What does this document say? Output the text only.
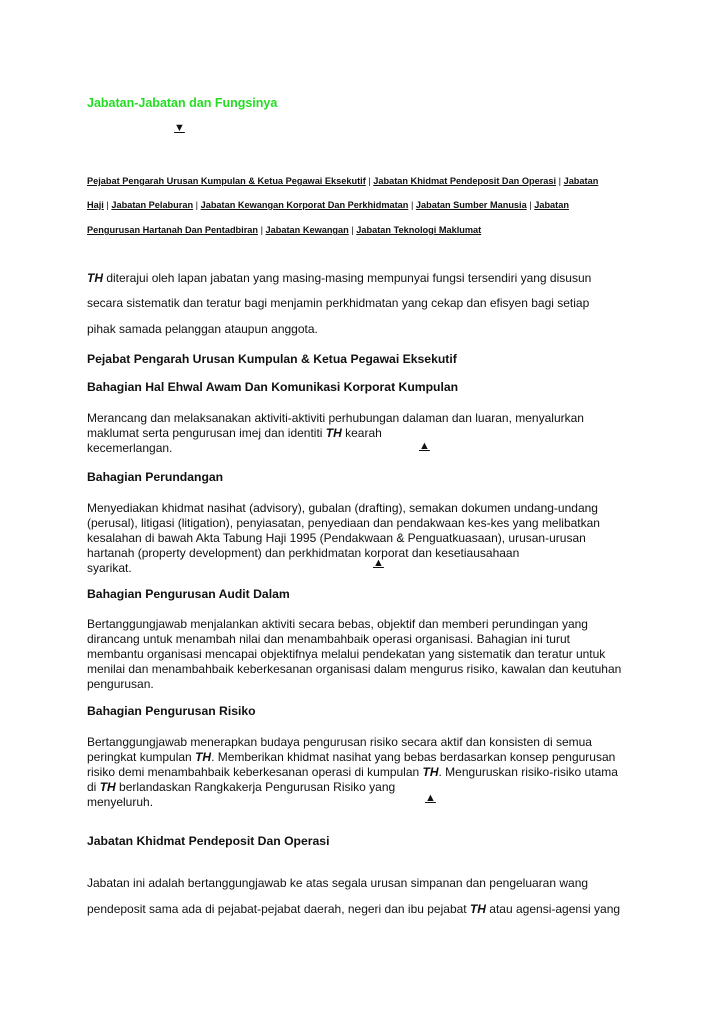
Jabatan-Jabatan dan Fungsinya
▼
Pejabat Pengarah Urusan Kumpulan & Ketua Pegawai Eksekutif | Jabatan Khidmat Pendeposit Dan Operasi | Jabatan
Haji | Jabatan Pelaburan | Jabatan Kewangan Korporat Dan Perkhidmatan | Jabatan Sumber Manusia | Jabatan
Pengurusan Hartanah Dan Pentadbiran | Jabatan Kewangan | Jabatan Teknologi Maklumat
TH diterajui oleh lapan jabatan yang masing-masing mempunyai fungsi tersendiri yang disusun
secara sistematik dan teratur bagi menjamin perkhidmatan yang cekap dan efisyen bagi setiap
pihak samada pelanggan ataupun anggota.
Pejabat Pengarah Urusan Kumpulan & Ketua Pegawai Eksekutif
Bahagian Hal Ehwal Awam Dan Komunikasi Korporat Kumpulan
Merancang dan melaksanakan aktiviti-aktiviti perhubungan dalaman dan luaran, menyalurkan
maklumat serta pengurusan imej dan identiti TH kearah
kecemerlangan.	▲
Bahagian Perundangan
Menyediakan khidmat nasihat (advisory), gubalan (drafting), semakan dokumen undang-undang
(perusal), litigasi (litigation), penyiasatan, penyediaan dan pendakwaan kes-kes yang melibatkan
kesalahan di bawah Akta Tabung Haji 1995 (Pendakwaan & Penguatkuasaan), urusan-urusan
hartanah (property development) dan perkhidmatan korporat dan kesetiausahaan
syarikat.	▲
Bahagian Pengurusan Audit Dalam
Bertanggungjawab menjalankan aktiviti secara bebas, objektif dan memberi perundingan yang
dirancang untuk menambah nilai dan menambahbaik operasi organisasi. Bahagian ini turut
membantu organisasi mencapai objektifnya melalui pendekatan yang sistematik dan teratur untuk
menilai dan menambahbaik keberkesanan organisasi dalam mengurus risiko, kawalan dan keutuhan
pengurusan.
Bahagian Pengurusan Risiko
Bertanggungjawab menerapkan budaya pengurusan risiko secara aktif dan konsisten di semua
peringkat kumpulan TH. Memberikan khidmat nasihat yang bebas berdasarkan konsep pengurusan
risiko demi menambahbaik keberkesanan operasi di kumpulan TH. Menguruskan risiko-risiko utama
di TH berlandaskan Rangkakerja Pengurusan Risiko yang
menyeluruh.	▲
Jabatan Khidmat Pendeposit Dan Operasi
Jabatan ini adalah bertanggungjawab ke atas segala urusan simpanan dan pengeluaran wang
pendeposit sama ada di pejabat-pejabat daerah, negeri dan ibu pejabat TH atau agensi-agensi yang
